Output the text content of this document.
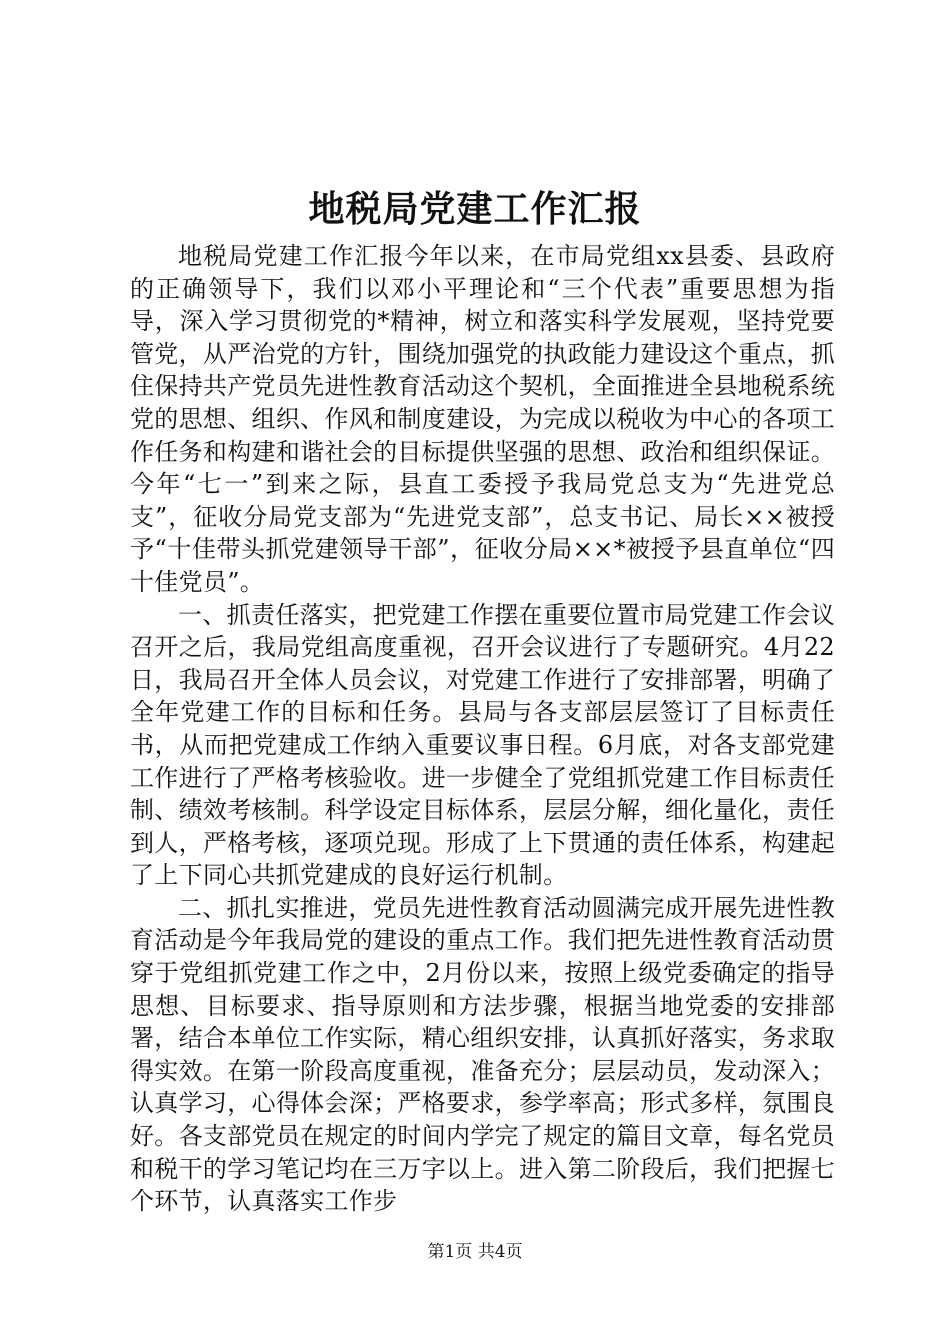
地税局党建工作汇报

地税局党建工作汇报今年以来，在市局党组xx县委、县政府的正确领导下，我们以邓小平理论和“三个代表”重要思想为指导，深入学习贯彻党的*精神，树立和落实科学发展观，坚持党要管党，从严治党的方针，围绕加强党的执政能力建设这个重点，抓住保持共产党员先进性教育活动这个契机，全面推进全县地税系统党的思想、组织、作风和制度建设，为完成以税收为中心的各项工作任务和构建和谐社会的目标提供坚强的思想、政治和组织保证。今年“七一”到来之际，县直工委授予我局党总支为“先进党总支”，征收分局党支部为“先进党支部”，总支书记、局长××被授予“十佳带头抓党建领导干部”，征收分局××*被授予县直单位“四十佳党员”。

一、抓责任落实，把党建工作摆在重要位置市局党建工作会议召开之后，我局党组高度重视，召开会议进行了专题研究。4月22日，我局召开全体人员会议，对党建工作进行了安排部署，明确了全年党建工作的目标和任务。县局与各支部层层签订了目标责任书，从而把党建成工作纳入重要议事日程。6月底，对各支部党建工作进行了严格考核验收。进一步健全了党组抓党建工作目标责任制、绩效考核制。科学设定目标体系，层层分解，细化量化，责任到人，严格考核，逐项兑现。形成了上下贯通的责任体系，构建起了上下同心共抓党建成的良好运行机制。

二、抓扎实推进，党员先进性教育活动圆满完成开展先进性教育活动是今年我局党的建设的重点工作。我们把先进性教育活动贯穿于党组抓党建工作之中，2月份以来，按照上级党委确定的指导思想、目标要求、指导原则和方法步骤，根据当地党委的安排部署，结合本单位工作实际，精心组织安排，认真抓好落实，务求取得实效。在第一阶段高度重视，准备充分；层层动员，发动深入；认真学习，心得体会深；严格要求，参学率高；形式多样，氛围良好。各支部党员在规定的时间内学完了规定的篇目文章，每名党员和税干的学习笔记均在三万字以上。进入第二阶段后，我们把握七个环节，认真落实工作步

第1页 共4页
